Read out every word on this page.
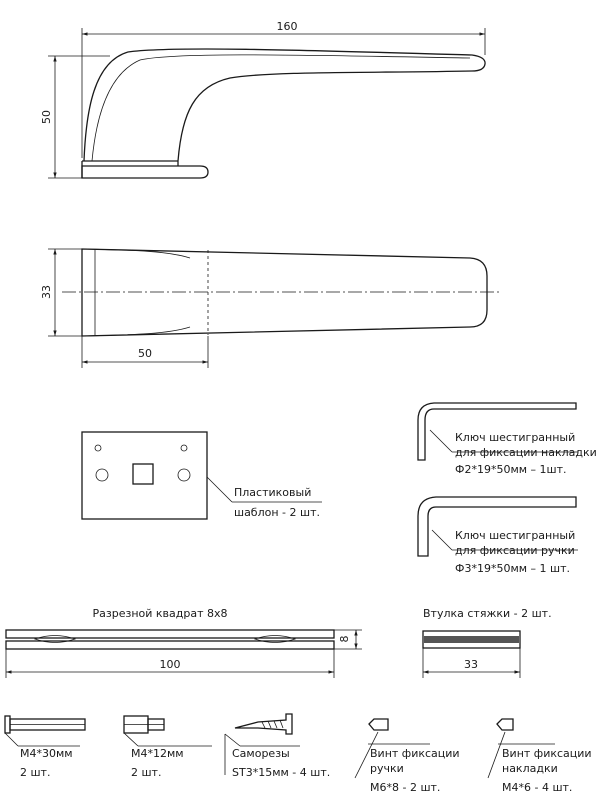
160
50
33
50
Пластиковый
шаблон - 2 шт.
Ключ шестигранный
для фиксации накладки
Ф2*19*50мм – 1шт.
Ключ шестигранный
для фиксации ручки
Ф3*19*50мм – 1 шт.
Разрезной квадрат 8х8
8
100
Втулка стяжки - 2 шт.
33
М4*30мм
2 шт.
М4*12мм
2 шт.
Саморезы
ST3*15мм - 4 шт.
Винт фиксации
ручки
М6*8 - 2 шт.
Винт фиксации
накладки
М4*6 - 4 шт.
